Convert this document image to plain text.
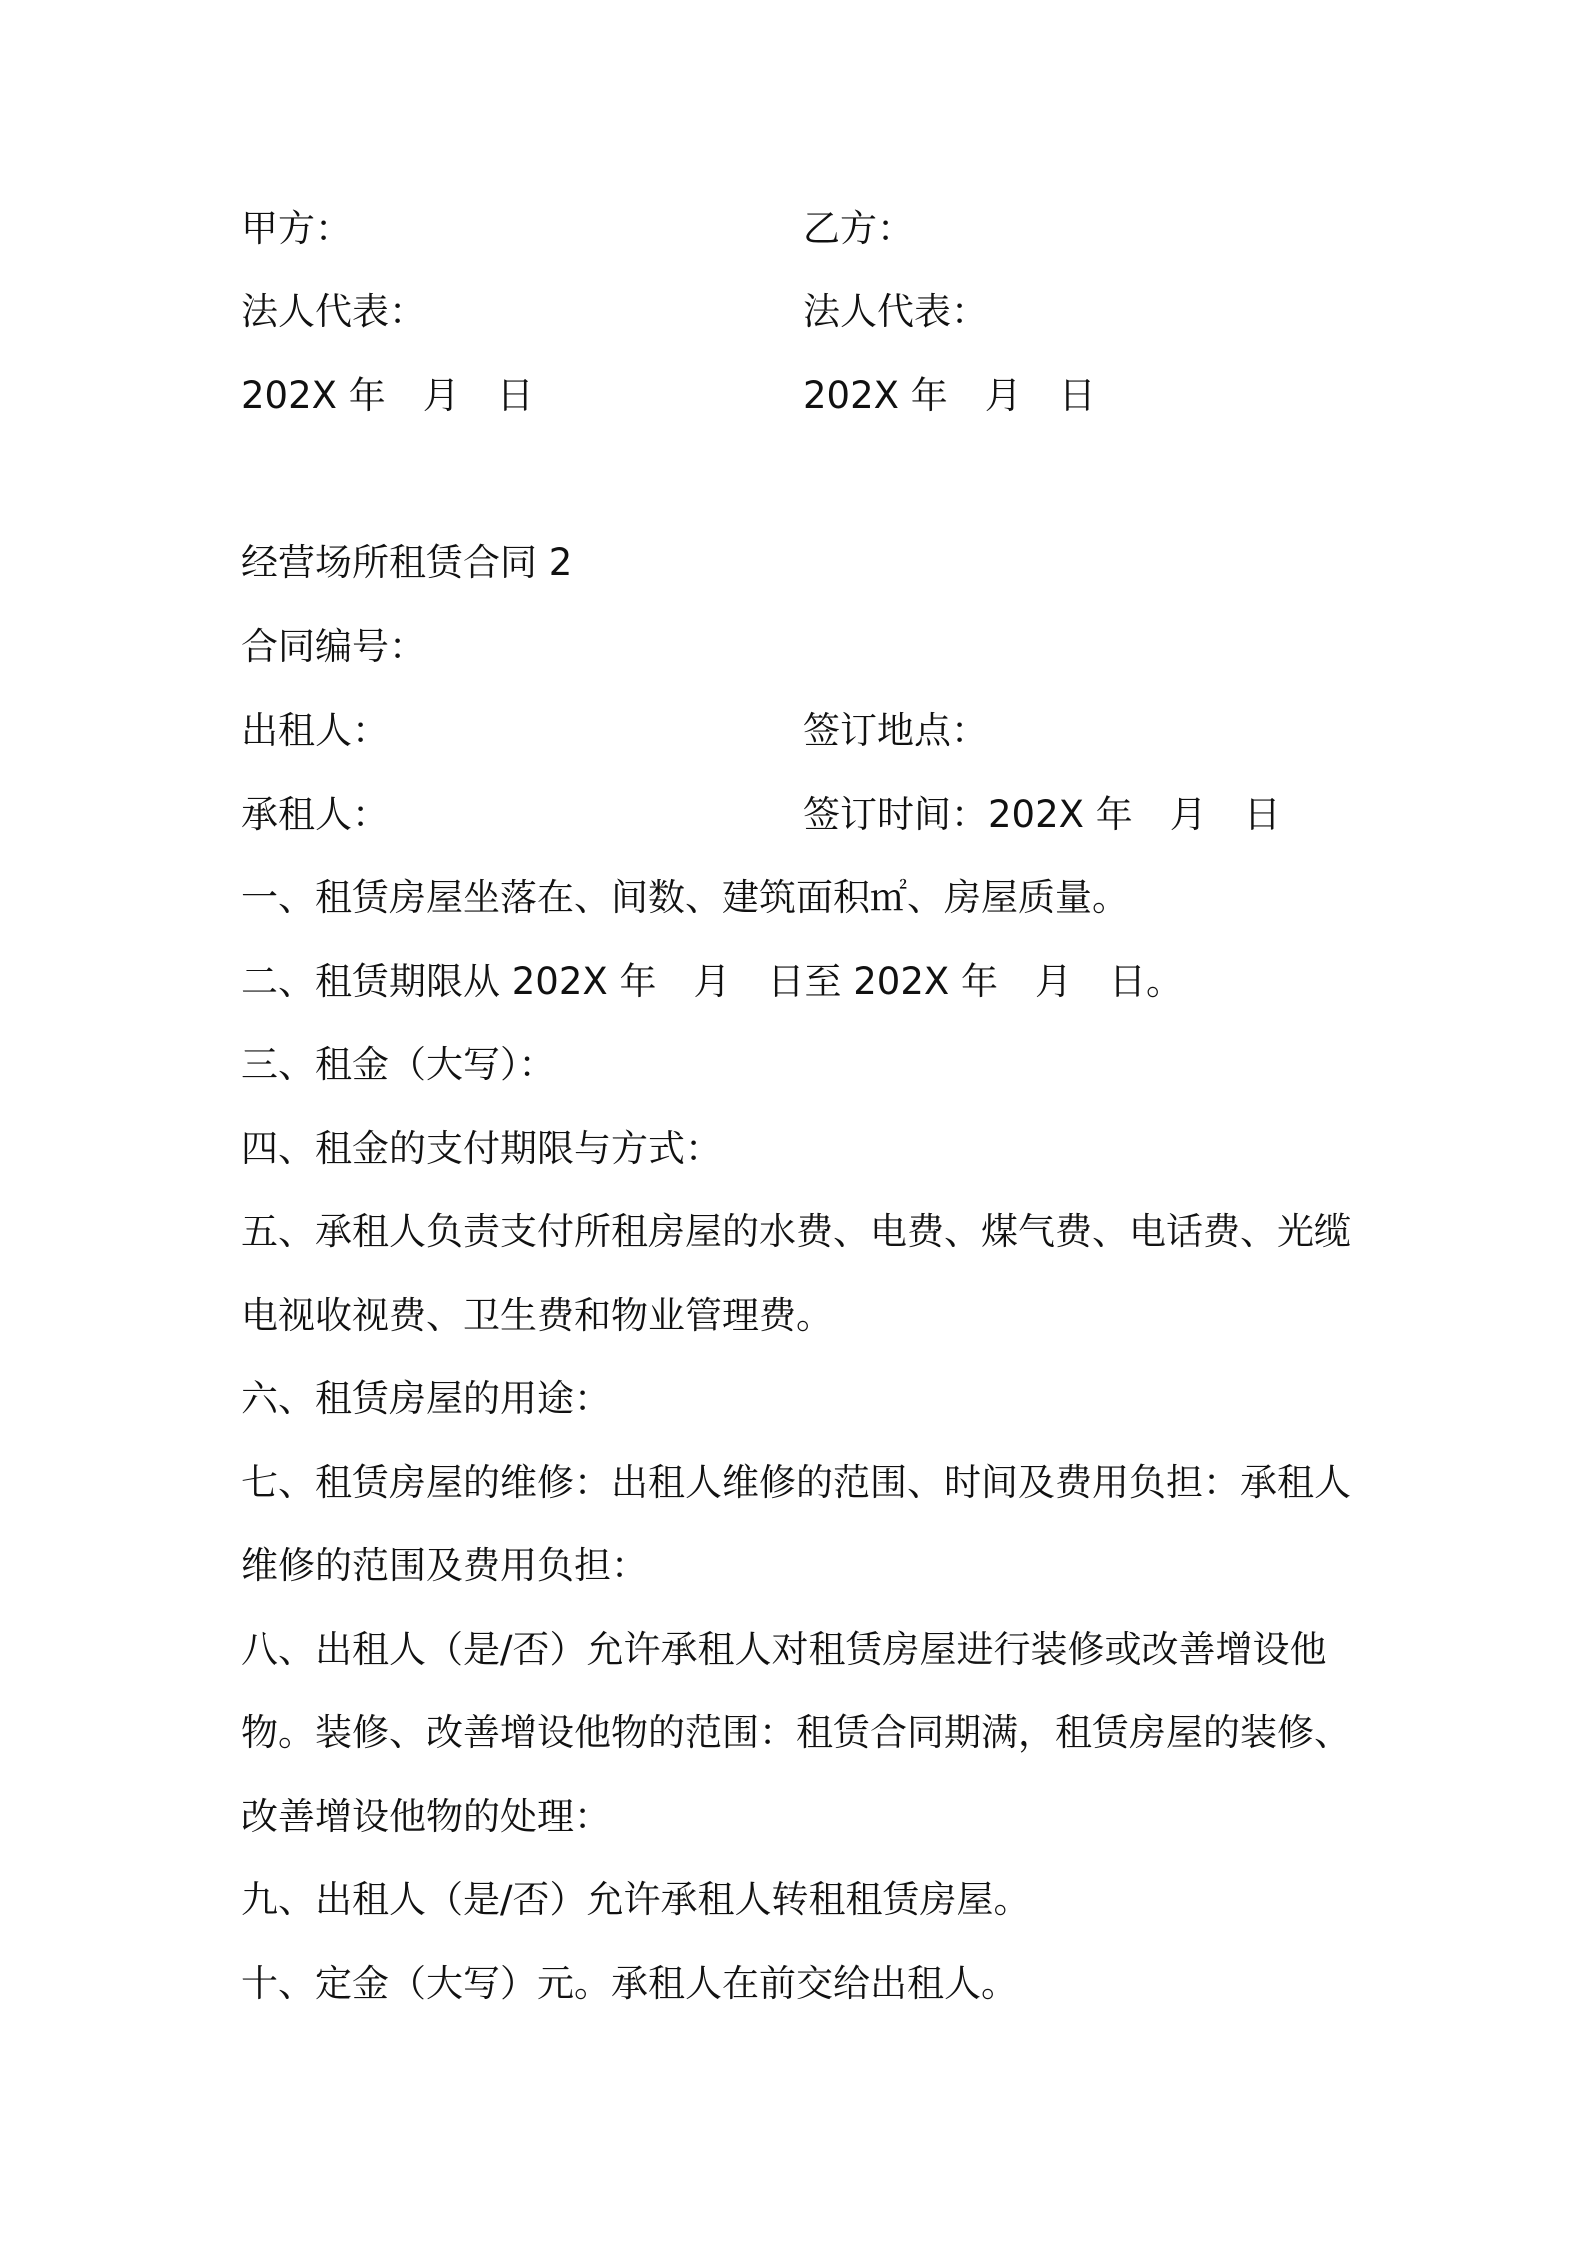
甲方：	乙方：
法人代表：	法人代表：
202X 年　月　日	202X 年　月　日
经营场所租赁合同 2
合同编号：
出租人：	签订地点：
承租人：	签订时间：202X 年　月　日
一、租赁房屋坐落在、间数、建筑面积㎡、房屋质量。
二、租赁期限从 202X 年　月　日至 202X 年　月　日。
三、租金（大写）：
四、租金的支付期限与方式：
五、承租人负责支付所租房屋的水费、电费、煤气费、电话费、光缆
电视收视费、卫生费和物业管理费。
六、租赁房屋的用途：
七、租赁房屋的维修：出租人维修的范围、时间及费用负担：承租人
维修的范围及费用负担：
八、出租人（是/否）允许承租人对租赁房屋进行装修或改善增设他
物。装修、改善增设他物的范围：租赁合同期满，租赁房屋的装修、
改善增设他物的处理：
九、出租人（是/否）允许承租人转租租赁房屋。
十、定金（大写）元。承租人在前交给出租人。
